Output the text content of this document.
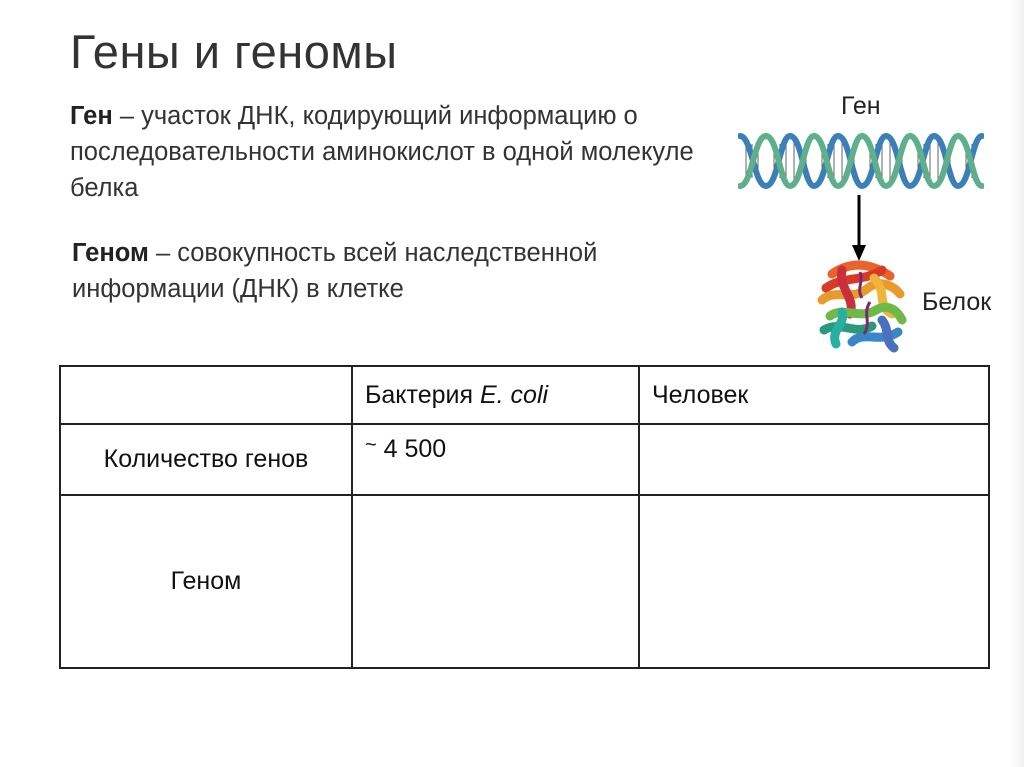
Гены и геномы
Ген – участок ДНК, кодирующий информацию о последовательности аминокислот в одной молекуле белка
Геном – совокупность всей наследственной информации (ДНК) в клетке
Ген
Белок
	Бактерия E. coli	Человек
Количество генов	~ 4 500	
Геном		
